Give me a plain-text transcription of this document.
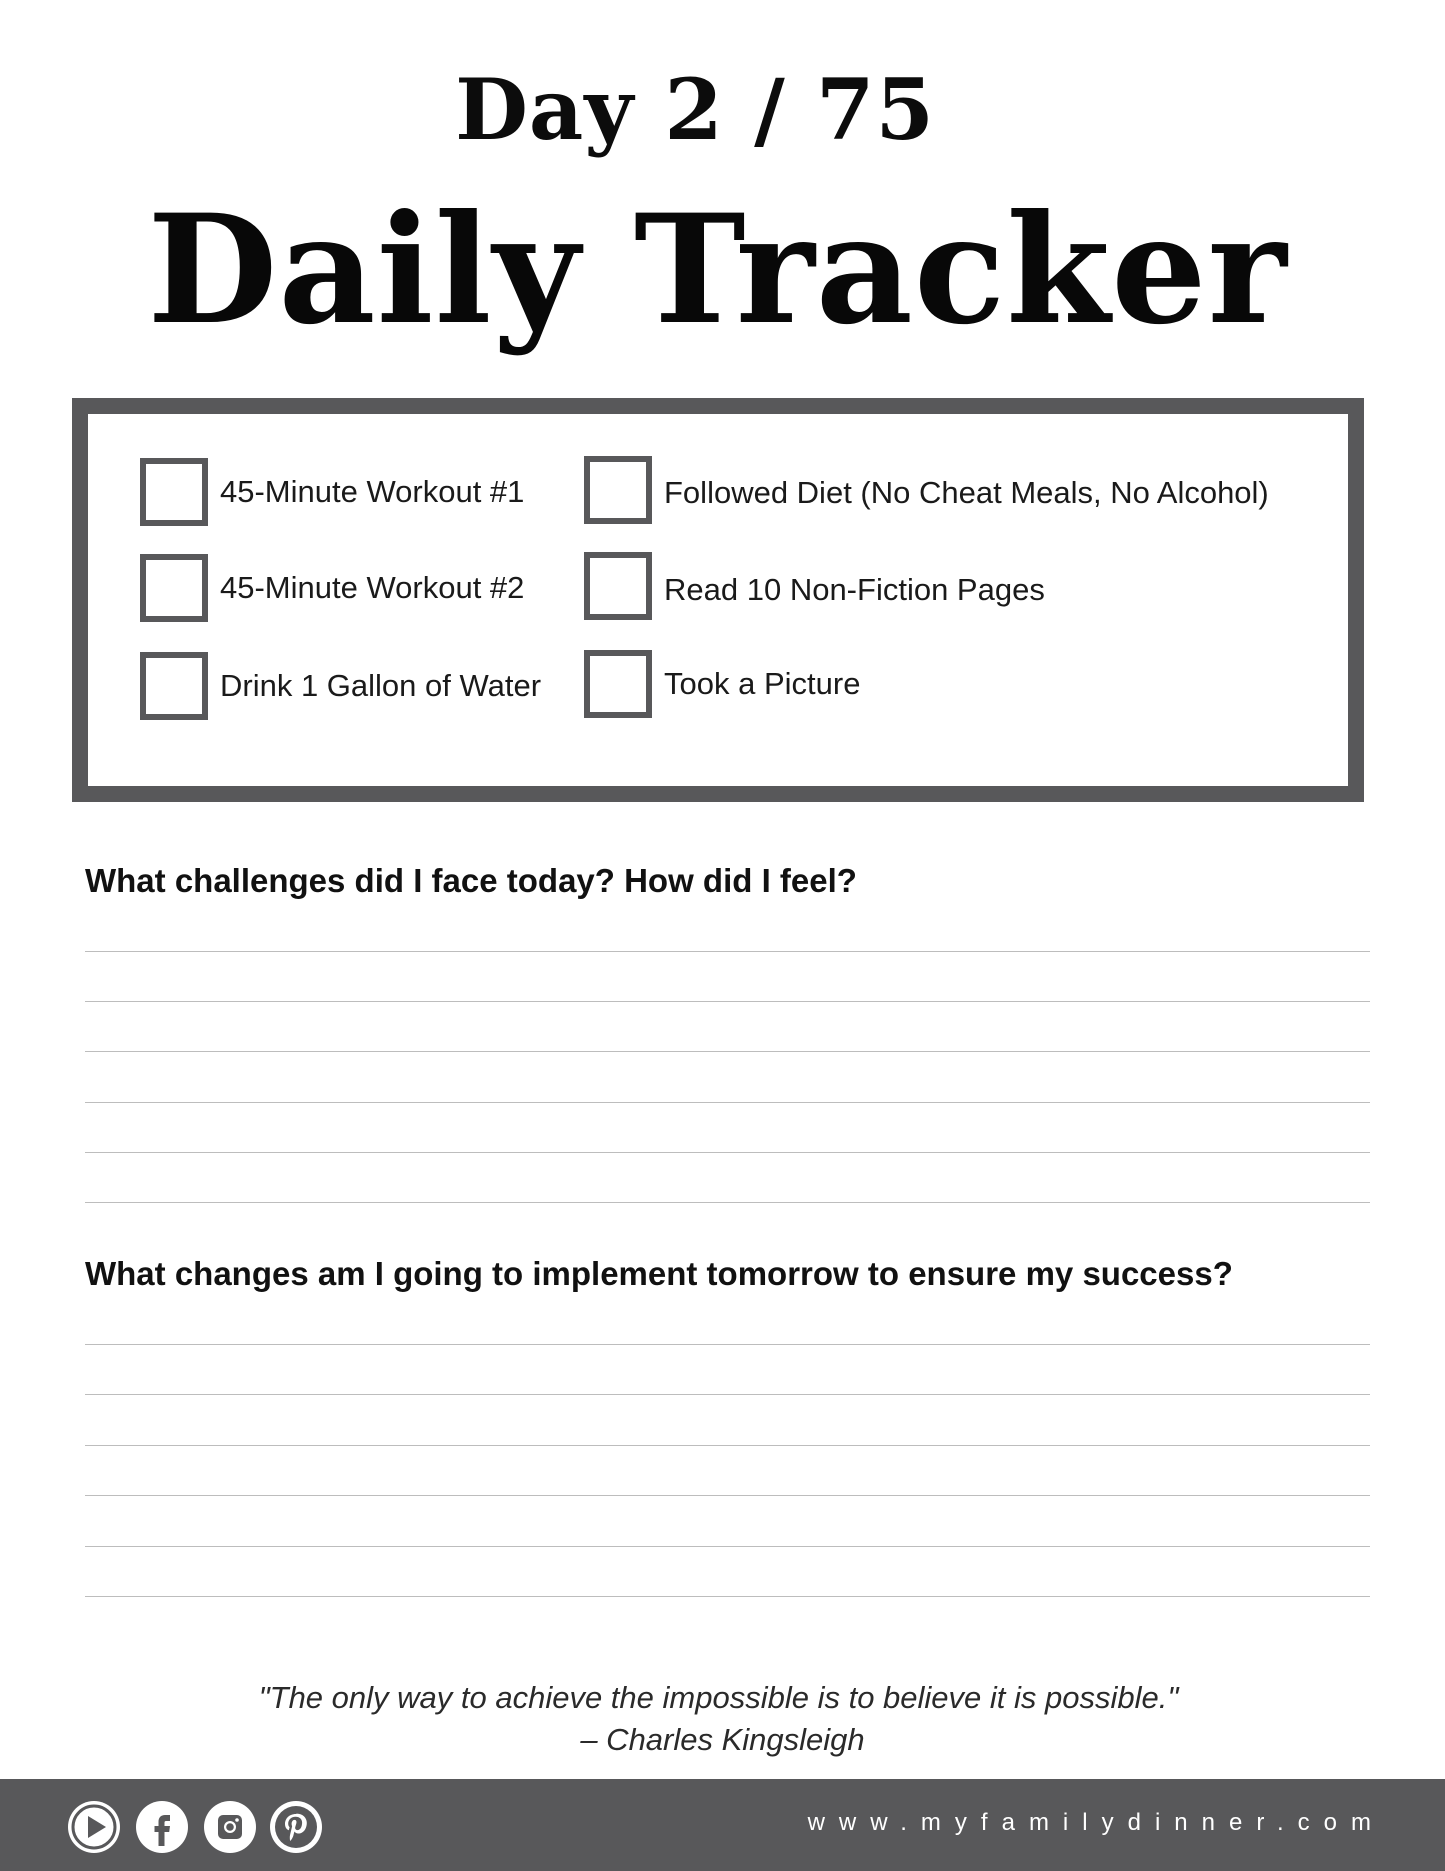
Day 2 / 75
Daily Tracker
45-Minute Workout #1
45-Minute Workout #2
Drink 1 Gallon of Water
Followed Diet (No Cheat Meals, No Alcohol)
Read 10 Non-Fiction Pages
Took a Picture
What challenges did I face today? How did I feel?
What changes am I going to implement tomorrow to ensure my success?
"The only way to achieve the impossible is to believe it is possible."
– Charles Kingsleigh
www.myfamilydinner.com
